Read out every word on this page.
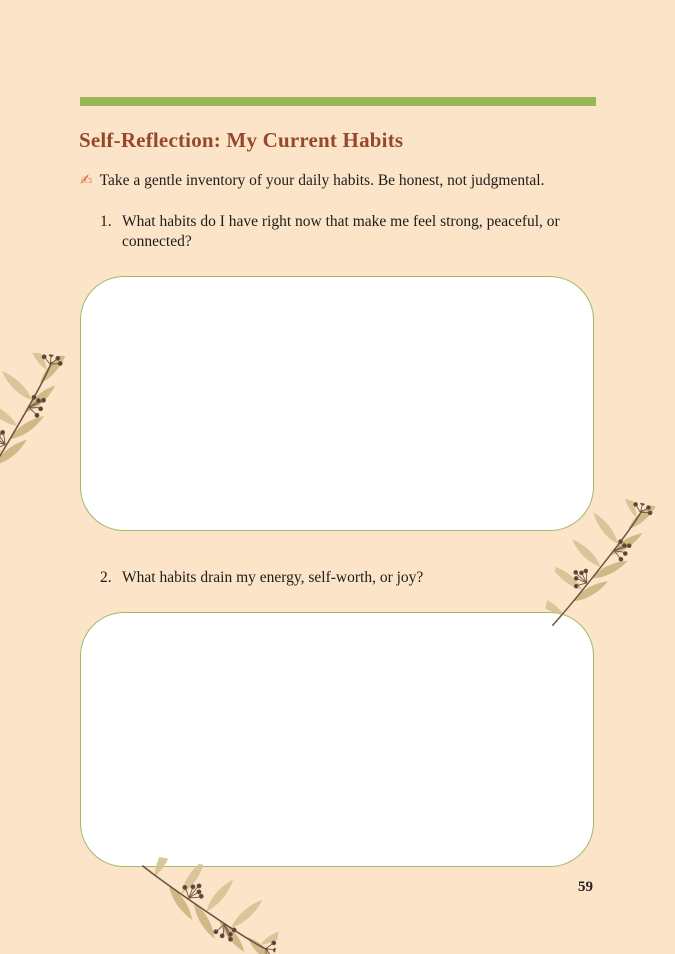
Self-Reflection: My Current Habits
✍ Take a gentle inventory of your daily habits. Be honest, not judgmental.
1. What habits do I have right now that make me feel strong, peaceful, or connected?
2. What habits drain my energy, self-worth, or joy?
59
